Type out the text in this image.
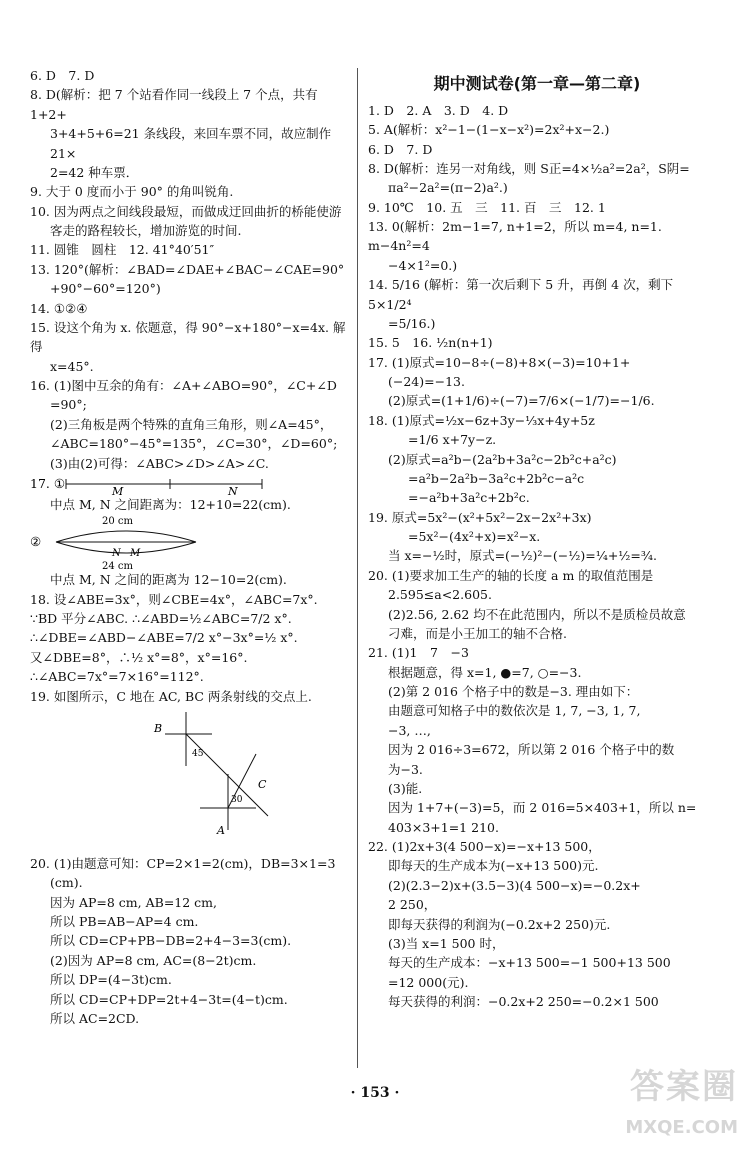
6. D　7. D
8. D(解析：把 7 个站看作同一线段上 7 个点，共有 1+2+
3+4+5+6=21 条线段，来回车票不同，故应制作 21×
2=42 种车票．
9. 大于 0 度而小于 90° 的角叫锐角.
10. 因为两点之间线段最短，而做成迂回曲折的桥能使游
客走的路程较长，增加游览的时间.
11. 圆锥　圆柱　12. 41°40′51″
13. 120°(解析：∠BAD=∠DAE+∠BAC−∠CAE=90°
+90°−60°=120°)
14. ①②④
15. 设这个角为 x. 依题意，得 90°−x+180°−x=4x. 解得
x=45°.
16. (1)图中互余的角有：∠A+∠ABO=90°，∠C+∠D
=90°;
(2)三角板是两个特殊的直角三角形，则∠A=45°，
∠ABC=180°−45°=135°，∠C=30°，∠D=60°;
(3)由(2)可得：∠ABC>∠D>∠A>∠C.
17. ①
M	N
中点 M, N 之间距离为：12+10=22(cm).
②
20 cm
N M
24 cm
中点 M, N 之间的距离为 12−10=2(cm).
18. 设∠ABE=3x°，则∠CBE=4x°，∠ABC=7x°.
∵BD 平分∠ABC. ∴∠ABD=½∠ABC=7/2 x°.
∴∠DBE=∠ABD−∠ABE=7/2 x°−3x°=½ x°.
又∠DBE=8°，∴½ x°=8°，x°=16°.
∴∠ABC=7x°=7×16°=112°.
19. 如图所示，C 地在 AC, BC 两条射线的交点上.
B
45
C
30
A
20. (1)由题意可知：CP=2×1=2(cm)，DB=3×1=3
(cm).
因为 AP=8 cm, AB=12 cm,
所以 PB=AB−AP=4 cm.
所以 CD=CP+PB−DB=2+4−3=3(cm).
(2)因为 AP=8 cm, AC=(8−2t)cm.
所以 DP=(4−3t)cm.
所以 CD=CP+DP=2t+4−3t=(4−t)cm.
所以 AC=2CD.
期中测试卷(第一章—第二章)
1. D　2. A　3. D　4. D
5. A(解析：x²−1−(1−x−x²)=2x²+x−2.)
6. D　7. D
8. D(解析：连另一对角线，则 S正=4×½a²=2a²，S阴=
πa²−2a²=(π−2)a².)
9. 10℃　10. 五　三　11. 百　三　12. 1
13. 0(解析：2m−1=7, n+1=2，所以 m=4, n=1. m−4n²=4
−4×1²=0.)
14. 5/16 (解析：第一次后剩下 5 升，再倒 4 次，剩下 5×1/2⁴
=5/16.)
15. 5　16. ½n(n+1)
17. (1)原式=10−8÷(−8)+8×(−3)=10+1+
(−24)=−13.
(2)原式=(1+1/6)÷(−7)=7/6×(−1/7)=−1/6.
18. (1)原式=½x−6z+3y−⅓x+4y+5z
=1/6 x+7y−z.
(2)原式=a²b−(2a²b+3a²c−2b²c+a²c)
=a²b−2a²b−3a²c+2b²c−a²c
=−a²b+3a²c+2b²c.
19. 原式=5x²−(x²+5x²−2x−2x²+3x)
=5x²−(4x²+x)=x²−x.
当 x=−½时，原式=(−½)²−(−½)=¼+½=¾.
20. (1)要求加工生产的轴的长度 a m 的取值范围是
2.595≤a<2.605.
(2)2.56, 2.62 均不在此范围内，所以不是质检员故意
刁难，而是小王加工的轴不合格.
21. (1)1　7　−3
根据题意，得 x=1, ●=7, ○=−3.
(2)第 2 016 个格子中的数是−3. 理由如下：
由题意可知格子中的数依次是 1, 7, −3, 1, 7,
−3, …,
因为 2 016÷3=672，所以第 2 016 个格子中的数
为−3.
(3)能.
因为 1+7+(−3)=5，而 2 016=5×403+1，所以 n=
403×3+1=1 210.
22. (1)2x+3(4 500−x)=−x+13 500，
即每天的生产成本为(−x+13 500)元.
(2)(2.3−2)x+(3.5−3)(4 500−x)=−0.2x+
2 250，
即每天获得的利润为(−0.2x+2 250)元.
(3)当 x=1 500 时，
每天的生产成本：−x+13 500=−1 500+13 500
=12 000(元).
每天获得的利润：−0.2x+2 250=−0.2×1 500
· 153 ·	答案圈
MXQE.COM
